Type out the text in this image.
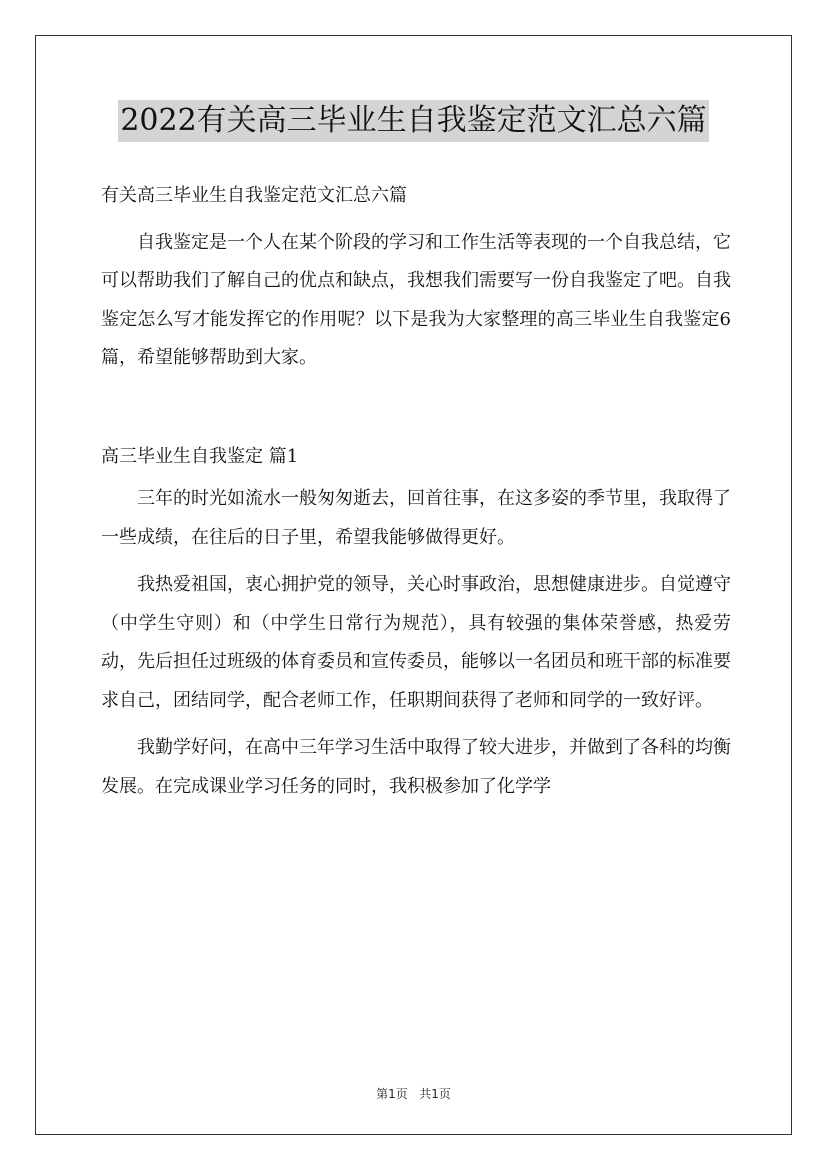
2022有关高三毕业生自我鉴定范文汇总六篇

有关高三毕业生自我鉴定范文汇总六篇

自我鉴定是一个人在某个阶段的学习和工作生活等表现的一个自我总结，它可以帮助我们了解自己的优点和缺点，我想我们需要写一份自我鉴定了吧。自我鉴定怎么写才能发挥它的作用呢？以下是我为大家整理的高三毕业生自我鉴定6篇，希望能够帮助到大家。

高三毕业生自我鉴定 篇1

三年的时光如流水一般匆匆逝去，回首往事，在这多姿的季节里，我取得了一些成绩，在往后的日子里，希望我能够做得更好。

我热爱祖国，衷心拥护党的领导，关心时事政治，思想健康进步。自觉遵守（中学生守则）和（中学生日常行为规范），具有较强的集体荣誉感，热爱劳动，先后担任过班级的体育委员和宣传委员，能够以一名团员和班干部的标准要求自己，团结同学，配合老师工作，任职期间获得了老师和同学的一致好评。

我勤学好问，在高中三年学习生活中取得了较大进步，并做到了各科的均衡发展。在完成课业学习任务的同时，我积极参加了化学学

第1页 共1页
